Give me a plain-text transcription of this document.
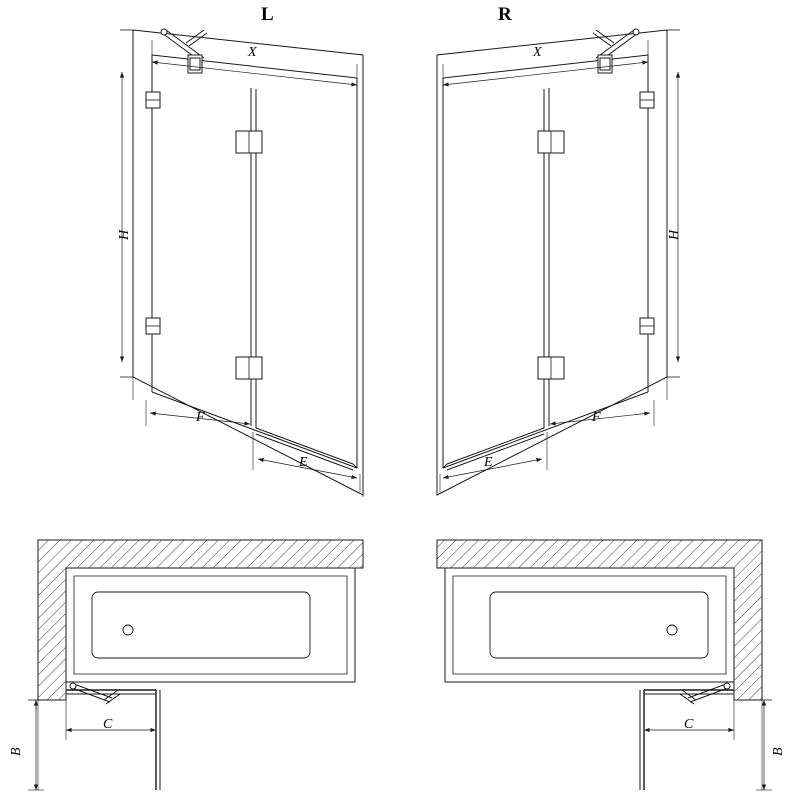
L	R
X	X
H	H
F
E
F
E
B
C
B
C
